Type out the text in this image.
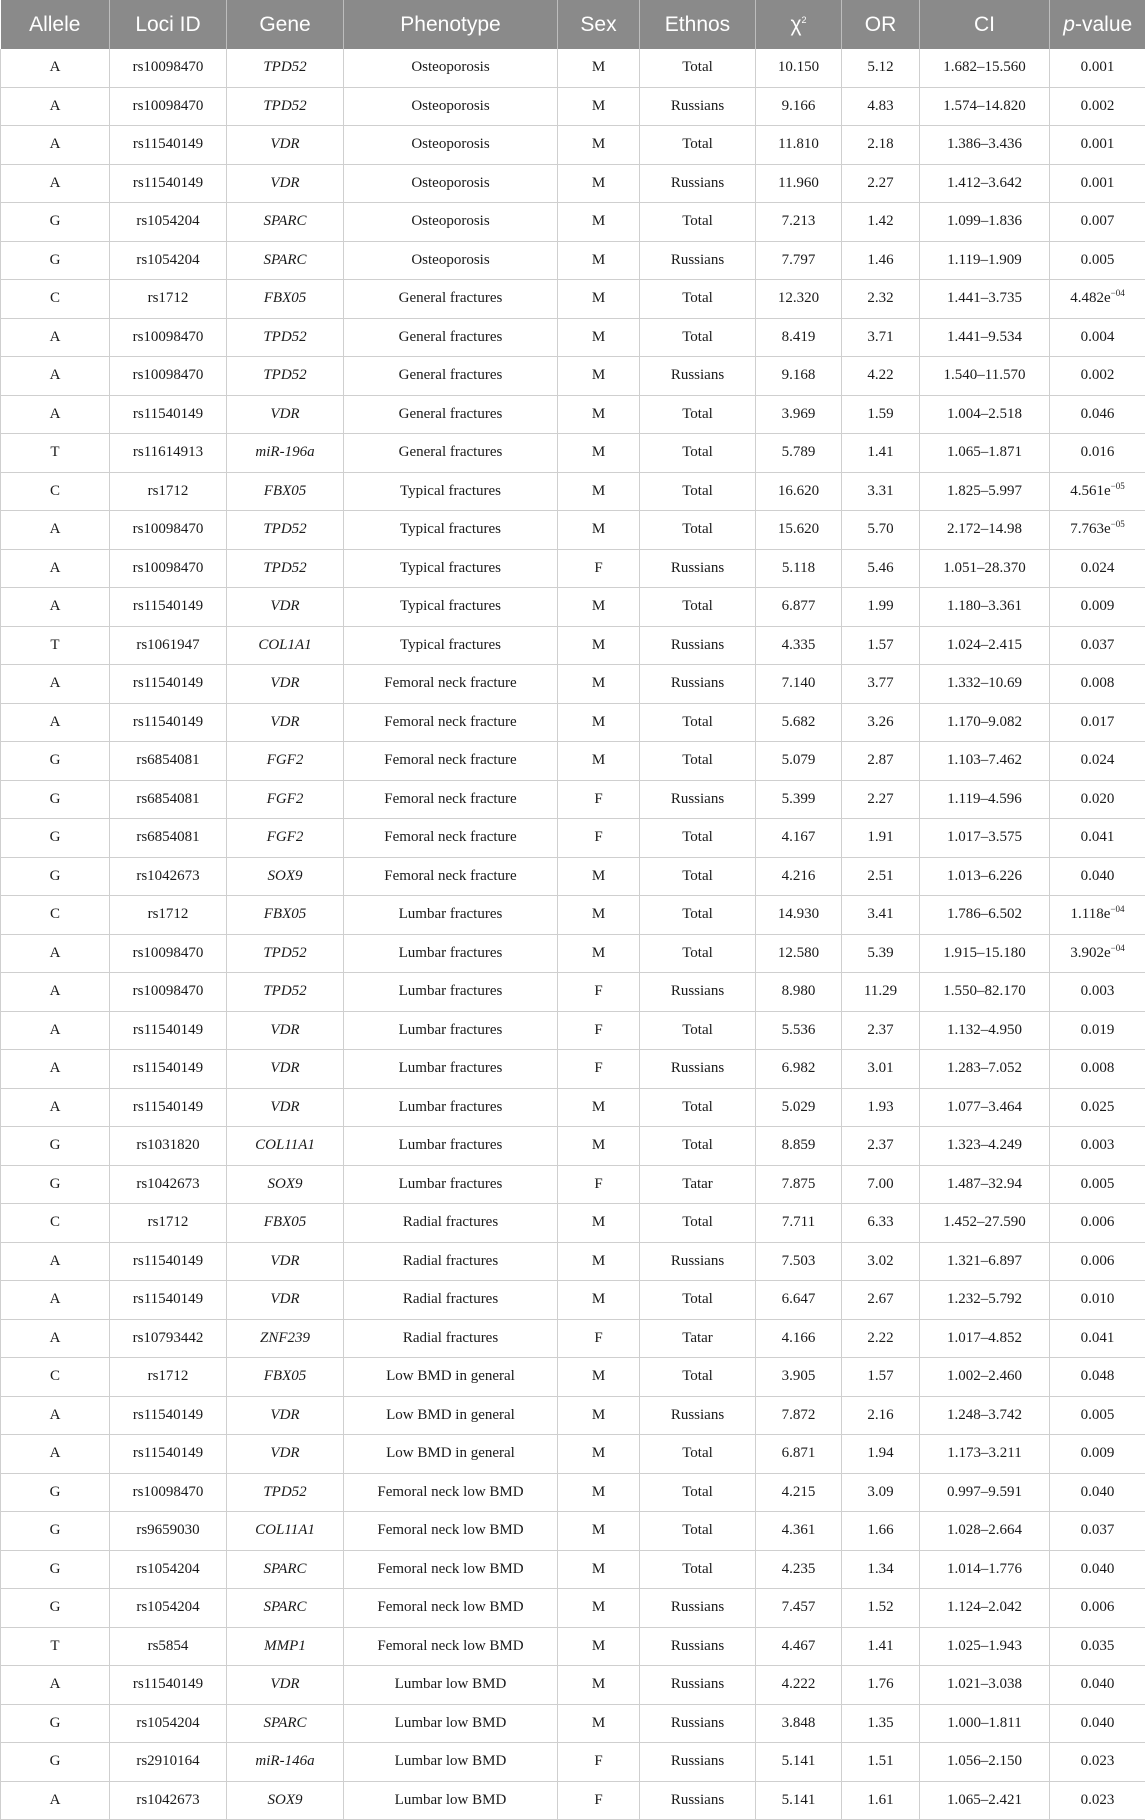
Allele	Loci ID	Gene	Phenotype	Sex	Ethnos	$\chi^2$	OR	CI	p-value
A	rs10098470	TPD52	Osteoporosis	M	Total	10.150	5.12	1.682–15.560	0.001
A	rs10098470	TPD52	Osteoporosis	M	Russians	9.166	4.83	1.574–14.820	0.002
A	rs11540149	VDR	Osteoporosis	M	Total	11.810	2.18	1.386–3.436	0.001
A	rs11540149	VDR	Osteoporosis	M	Russians	11.960	2.27	1.412–3.642	0.001
G	rs1054204	SPARC	Osteoporosis	M	Total	7.213	1.42	1.099–1.836	0.007
G	rs1054204	SPARC	Osteoporosis	M	Russians	7.797	1.46	1.119–1.909	0.005
C	rs1712	FBX05	General fractures	M	Total	12.320	2.32	1.441–3.735	$4.482e^{-04}$
A	rs10098470	TPD52	General fractures	M	Total	8.419	3.71	1.441–9.534	0.004
A	rs10098470	TPD52	General fractures	M	Russians	9.168	4.22	1.540–11.570	0.002
A	rs11540149	VDR	General fractures	M	Total	3.969	1.59	1.004–2.518	0.046
T	rs11614913	miR-196a	General fractures	M	Total	5.789	1.41	1.065–1.871	0.016
C	rs1712	FBX05	Typical fractures	M	Total	16.620	3.31	1.825–5.997	$4.561e^{-05}$
A	rs10098470	TPD52	Typical fractures	M	Total	15.620	5.70	2.172–14.98	$7.763e^{-05}$
A	rs10098470	TPD52	Typical fractures	F	Russians	5.118	5.46	1.051–28.370	0.024
A	rs11540149	VDR	Typical fractures	M	Total	6.877	1.99	1.180–3.361	0.009
T	rs1061947	COL1A1	Typical fractures	M	Russians	4.335	1.57	1.024–2.415	0.037
A	rs11540149	VDR	Femoral neck fracture	M	Russians	7.140	3.77	1.332–10.69	0.008
A	rs11540149	VDR	Femoral neck fracture	M	Total	5.682	3.26	1.170–9.082	0.017
G	rs6854081	FGF2	Femoral neck fracture	M	Total	5.079	2.87	1.103–7.462	0.024
G	rs6854081	FGF2	Femoral neck fracture	F	Russians	5.399	2.27	1.119–4.596	0.020
G	rs6854081	FGF2	Femoral neck fracture	F	Total	4.167	1.91	1.017–3.575	0.041
G	rs1042673	SOX9	Femoral neck fracture	M	Total	4.216	2.51	1.013–6.226	0.040
C	rs1712	FBX05	Lumbar fractures	M	Total	14.930	3.41	1.786–6.502	$1.118e^{-04}$
A	rs10098470	TPD52	Lumbar fractures	M	Total	12.580	5.39	1.915–15.180	$3.902e^{-04}$
A	rs10098470	TPD52	Lumbar fractures	F	Russians	8.980	11.29	1.550–82.170	0.003
A	rs11540149	VDR	Lumbar fractures	F	Total	5.536	2.37	1.132–4.950	0.019
A	rs11540149	VDR	Lumbar fractures	F	Russians	6.982	3.01	1.283–7.052	0.008
A	rs11540149	VDR	Lumbar fractures	M	Total	5.029	1.93	1.077–3.464	0.025
G	rs1031820	COL11A1	Lumbar fractures	M	Total	8.859	2.37	1.323–4.249	0.003
G	rs1042673	SOX9	Lumbar fractures	F	Tatar	7.875	7.00	1.487–32.94	0.005
C	rs1712	FBX05	Radial fractures	M	Total	7.711	6.33	1.452–27.590	0.006
A	rs11540149	VDR	Radial fractures	M	Russians	7.503	3.02	1.321–6.897	0.006
A	rs11540149	VDR	Radial fractures	M	Total	6.647	2.67	1.232–5.792	0.010
A	rs10793442	ZNF239	Radial fractures	F	Tatar	4.166	2.22	1.017–4.852	0.041
C	rs1712	FBX05	Low BMD in general	M	Total	3.905	1.57	1.002–2.460	0.048
A	rs11540149	VDR	Low BMD in general	M	Russians	7.872	2.16	1.248–3.742	0.005
A	rs11540149	VDR	Low BMD in general	M	Total	6.871	1.94	1.173–3.211	0.009
G	rs10098470	TPD52	Femoral neck low BMD	M	Total	4.215	3.09	0.997–9.591	0.040
G	rs9659030	COL11A1	Femoral neck low BMD	M	Total	4.361	1.66	1.028–2.664	0.037
G	rs1054204	SPARC	Femoral neck low BMD	M	Total	4.235	1.34	1.014–1.776	0.040
G	rs1054204	SPARC	Femoral neck low BMD	M	Russians	7.457	1.52	1.124–2.042	0.006
T	rs5854	MMP1	Femoral neck low BMD	M	Russians	4.467	1.41	1.025–1.943	0.035
A	rs11540149	VDR	Lumbar low BMD	M	Russians	4.222	1.76	1.021–3.038	0.040
G	rs1054204	SPARC	Lumbar low BMD	M	Russians	3.848	1.35	1.000–1.811	0.040
G	rs2910164	miR-146a	Lumbar low BMD	F	Russians	5.141	1.51	1.056–2.150	0.023
A	rs1042673	SOX9	Lumbar low BMD	F	Russians	5.141	1.61	1.065–2.421	0.023
